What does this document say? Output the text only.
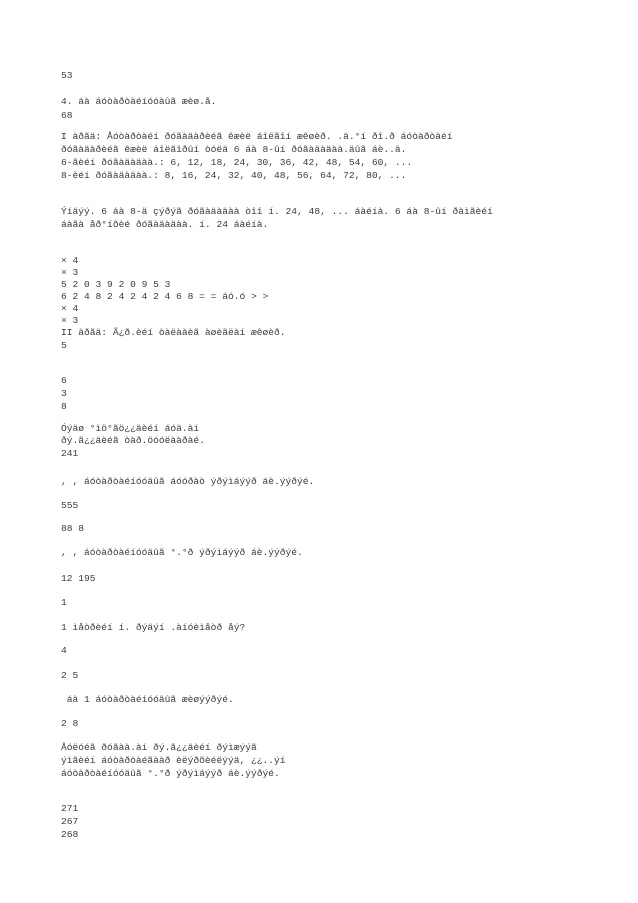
53

4. áà áóòàðòàéíóóàûã æèø.å.

68

I àðãä: Åóòàðòàéí ðóãàäàðèéã êæèë áîëãîí æêøèð. .ä.°í ðî.ð áóòàðòàéí

ðóãàäàðèéã êæèë áîëãîðûí òóëä 6 áà 8-ûí ðóãàäàäàà.äûã áè..ä.

6-ãèéí ðóãàäàäàà.: 6, 12, 18, 24, 30, 36, 42, 48, 54, 60, ...

8-èéí ðóãàäàäàà.: 8, 16, 24, 32, 40, 48, 56, 64, 72, 80, ...

Ýíäýý. 6 áà 8-ä çýðýã ðóãàäàäàà òîî í. 24, 48, ... áàéíà. 6 áà 8-ûí ðàìãèéí

áàãà åð°íõèé ðóãàäàäàà. í. 24 áàéíà.

× 4

× 3

5 2 0 3 9 2 0 9 5 3

6 2 4 8 2 4 2 4 2 4 6 8 = = áó.ó > >

× 4

× 3

II àðãä: Ã¿ð.èéí òàëààèã àøèãëàí æêøèð.

5

6

3

8

Óýäø °ìö°ãö¿¿äèéí áóä.àí

ðý.ã¿¿äèéã òàð.öóóëààðàé.

241

, , áóòàðòàéíóóäûã áóóðàò ýðýìáýýð áè.ýýðýé.

555

88 8

, , áóòàðòàéíóóäûã °.°ð ýðýìáýýð áè.ýýðýé.

12 195

1

1 ìåòðèéí í. ðýäýí .àíóèìåòð åý?

4

2 5

áà 1 áóòàðòàéíóóäûã æèøýýðýé.

2 8

Åóëóéã ðóãàà.àí ðý.ã¿¿äèéí ðýìæýýã

ýìãèéí áóòàðòàéãààð èëýðõèéëýýä, ¿¿..ýí

áóòàðòàéíóóäûã °.°ð ýðýìáýýð áè.ýýðýé.

271

267

268
